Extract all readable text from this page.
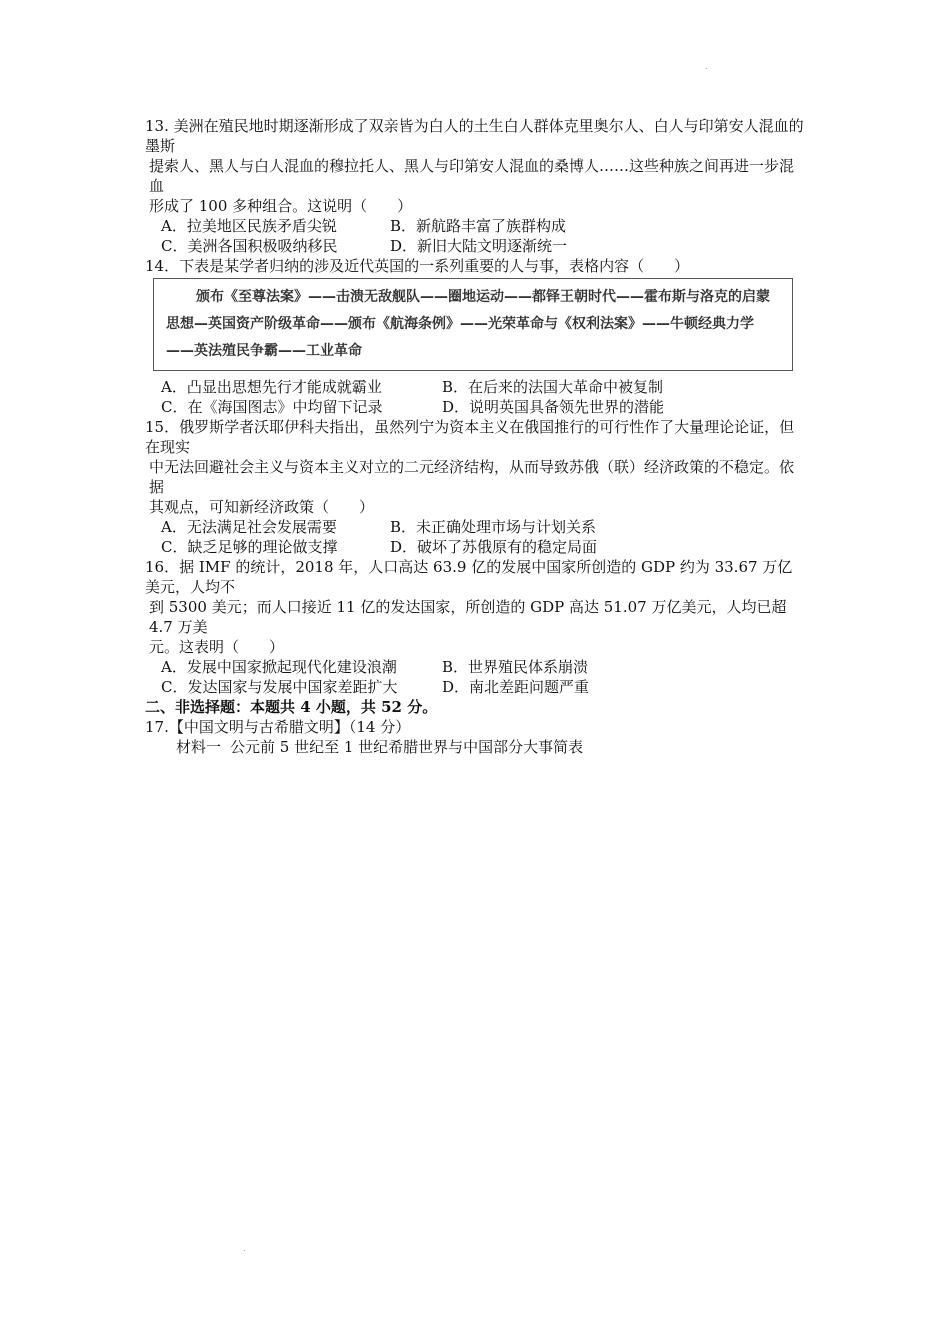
.
13. 美洲在殖民地时期逐渐形成了双亲皆为白人的土生白人群体克里奥尔人、白人与印第安人混血的墨斯
提索人、黑人与白人混血的穆拉托人、黑人与印第安人混血的桑博人……这些种族之间再进一步混血
形成了 100 多种组合。这说明（　　）
A．拉美地区民族矛盾尖锐	B．新航路丰富了族群构成
C．美洲各国积极吸纳移民	D．新旧大陆文明逐渐统一
14．下表是某学者归纳的涉及近代英国的一系列重要的人与事，表格内容（　　）
颁布《至尊法案》——击溃无敌舰队——圈地运动——都铎王朝时代——霍布斯与洛克的启蒙思想—英国资产阶级革命——颁布《航海条例》——光荣革命与《权利法案》——牛顿经典力学——英法殖民争霸——工业革命
A．凸显出思想先行才能成就霸业	B．在后来的法国大革命中被复制
C．在《海国图志》中均留下记录	D．说明英国具备领先世界的潜能
15．俄罗斯学者沃耶伊科夫指出，虽然列宁为资本主义在俄国推行的可行性作了大量理论论证，但在现实
中无法回避社会主义与资本主义对立的二元经济结构，从而导致苏俄（联）经济政策的不稳定。依据
其观点，可知新经济政策（　　）
A．无法满足社会发展需要	B．未正确处理市场与计划关系
C．缺乏足够的理论做支撑	D．破坏了苏俄原有的稳定局面
16．据 IMF 的统计，2018 年，人口高达 63.9 亿的发展中国家所创造的 GDP 约为 33.67 万亿美元，人均不
到 5300 美元；而人口接近 11 亿的发达国家，所创造的 GDP 高达 51.07 万亿美元，人均已超 4.7 万美
元。这表明（　　）
A．发展中国家掀起现代化建设浪潮	B．世界殖民体系崩溃
C．发达国家与发展中国家差距扩大	D．南北差距问题严重
二、非选择题：本题共 4 小题，共 52 分。
17.【中国文明与古希腊文明】（14 分）
材料一 公元前 5 世纪至 1 世纪希腊世界与中国部分大事简表
.
